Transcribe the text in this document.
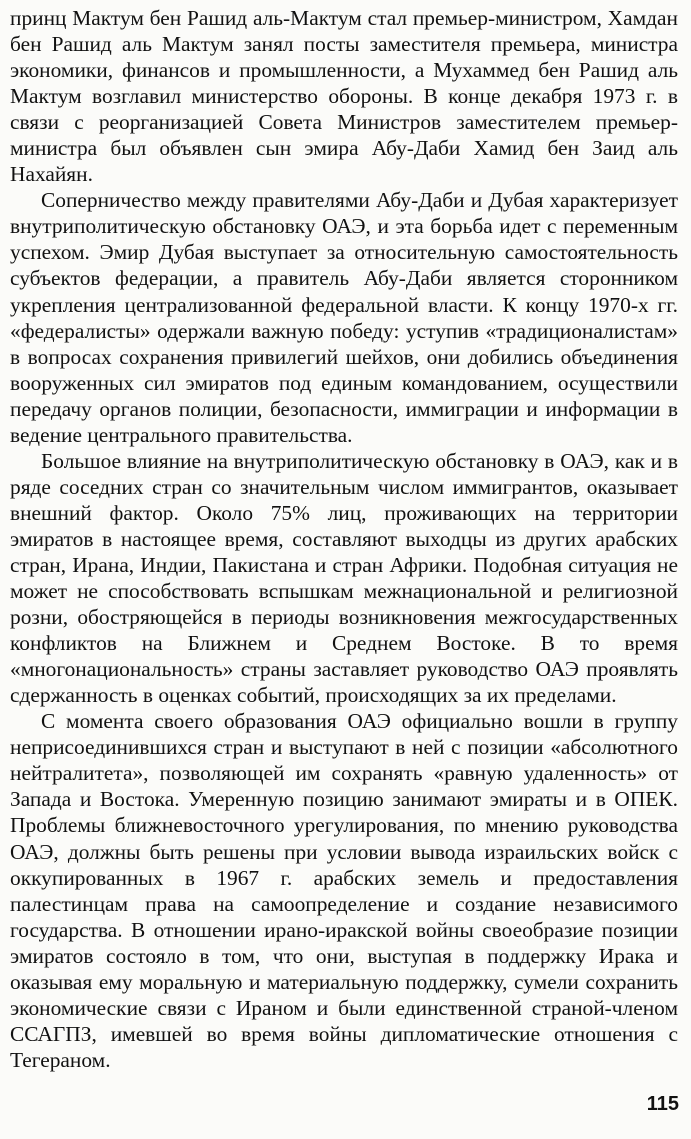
принц Мактум бен Рашид аль-Мактум стал премьер-министром, Хамдан бен Рашид аль Мактум занял посты заместителя премьера, министра экономики, финансов и промышленности, а Мухаммед бен Рашид аль Мактум возглавил министерство обороны. В конце декабря 1973 г. в связи с реорганизацией Совета Министров заместителем премьер-министра был объявлен сын эмира Абу-Даби Хамид бен Заид аль Нахайян.

Соперничество между правителями Абу-Даби и Дубая характеризует внутриполитическую обстановку ОАЭ, и эта борьба идет с переменным успехом. Эмир Дубая выступает за относительную самостоятельность субъектов федерации, а правитель Абу-Даби является сторонником укрепления централизованной федеральной власти. К концу 1970-х гг. «федералисты» одержали важную победу: уступив «традиционалистам» в вопросах сохранения привилегий шейхов, они добились объединения вооруженных сил эмиратов под единым командованием, осуществили передачу органов полиции, безопасности, иммиграции и информации в ведение центрального правительства.

Большое влияние на внутриполитическую обстановку в ОАЭ, как и в ряде соседних стран со значительным числом иммигрантов, оказывает внешний фактор. Около 75% лиц, проживающих на территории эмиратов в настоящее время, составляют выходцы из других арабских стран, Ирана, Индии, Пакистана и стран Африки. Подобная ситуация не может не способствовать вспышкам межнациональной и религиозной розни, обостряющейся в периоды возникновения межгосударственных конфликтов на Ближнем и Среднем Востоке. В то время «многонациональность» страны заставляет руководство ОАЭ проявлять сдержанность в оценках событий, происходящих за их пределами.

С момента своего образования ОАЭ официально вошли в группу неприсоединившихся стран и выступают в ней с позиции «абсолютного нейтралитета», позволяющей им сохранять «равную удаленность» от Запада и Востока. Умеренную позицию занимают эмираты и в ОПЕК. Проблемы ближневосточного урегулирования, по мнению руководства ОАЭ, должны быть решены при условии вывода израильских войск с оккупированных в 1967 г. арабских земель и предоставления палестинцам права на самоопределение и создание независимого государства. В отношении ирано-иракской войны своеобразие позиции эмиратов состояло в том, что они, выступая в поддержку Ирака и оказывая ему моральную и материальную поддержку, сумели сохранить экономические связи с Ираном и были единственной страной-членом ССАГПЗ, имевшей во время войны дипломатические отношения с Тегераном.

115
